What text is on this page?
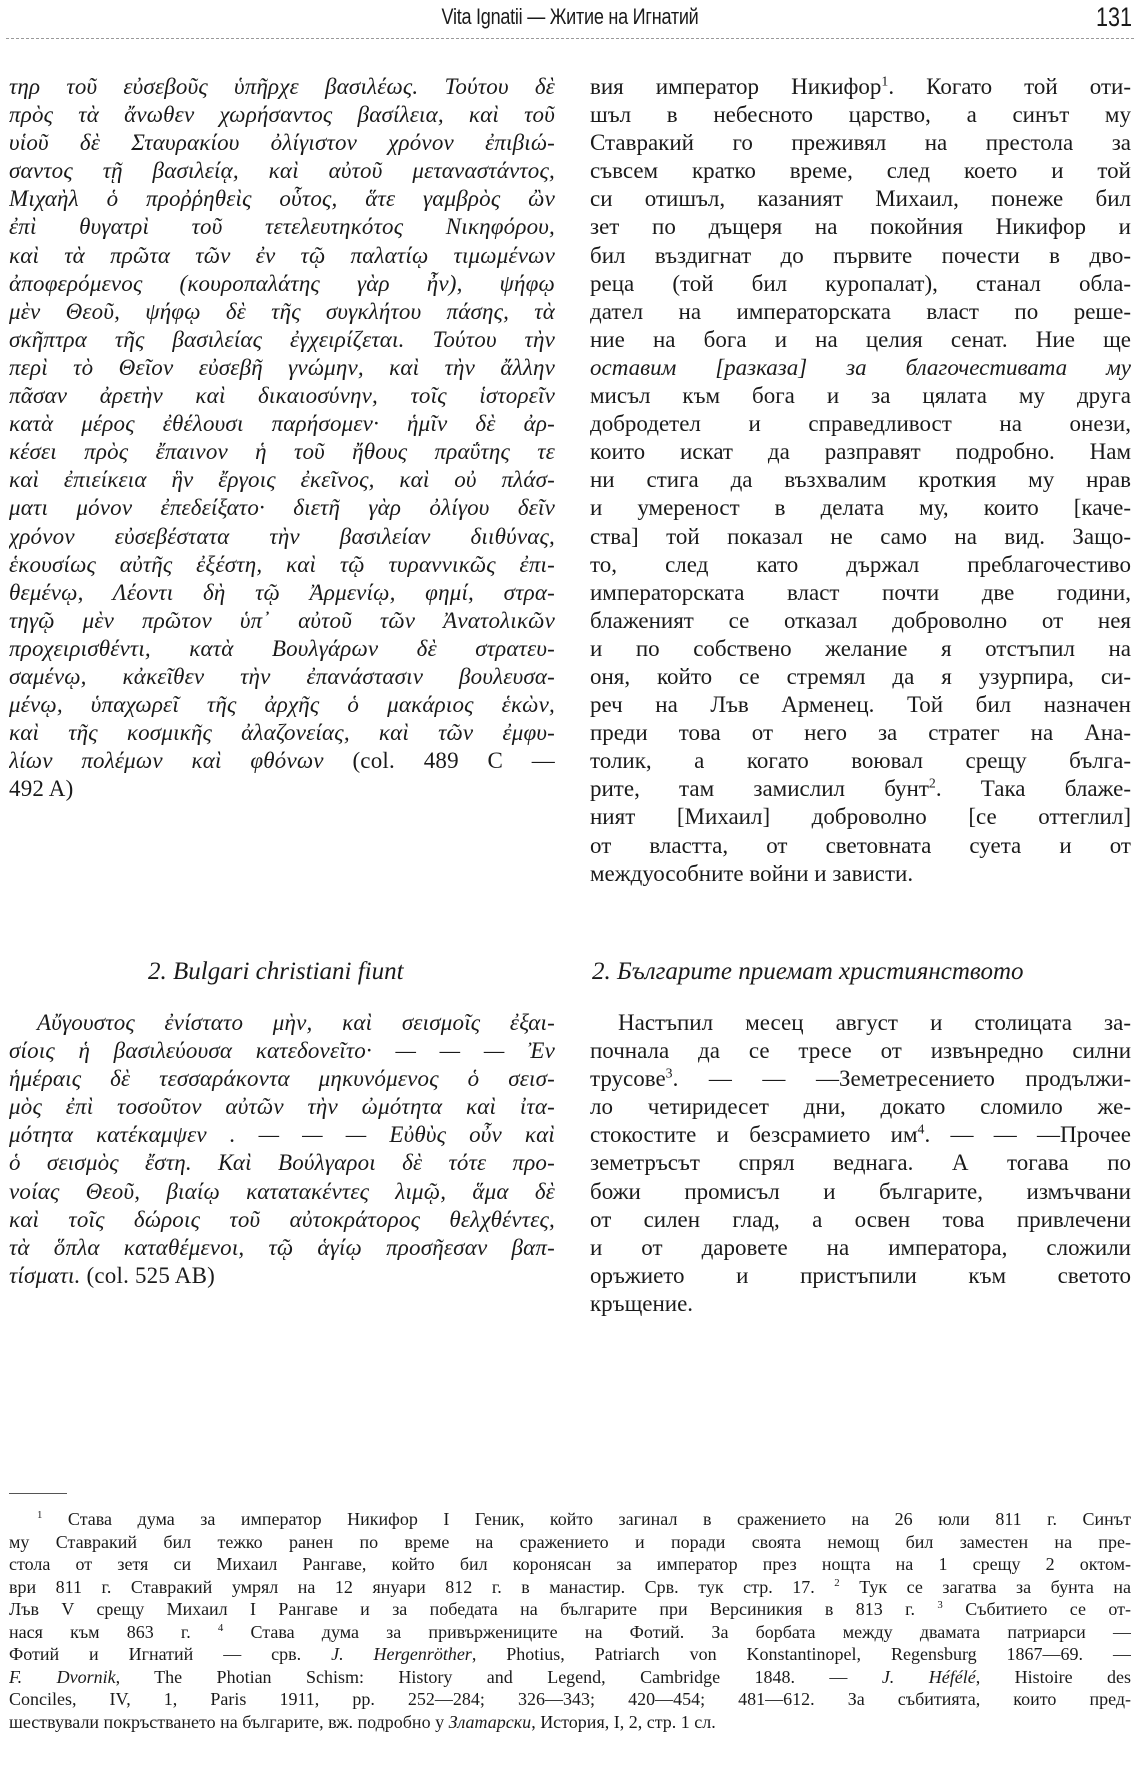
Vita Ignatii — Житие на Игнатий	131
τηρ τοῦ εὐσεβοῦς ὑπῆρχε βασιλέως. Τούτου δὲ
πρὸς τὰ ἄνωθεν χωρήσαντος βασίλεια, καὶ τοῦ
υἱοῦ δὲ Σταυρακίου ὀλίγιστον χρόνον ἐπιβιώ-
σαντος τῇ βασιλείᾳ, καὶ αὐτοῦ μεταναστάντος,
Μιχαὴλ ὁ προῤῥηθεὶς οὗτος, ἅτε γαμβρὸς ὢν
ἐπὶ θυγατρὶ τοῦ τετελευτηκότος Νικηφόρου,
καὶ τὰ πρῶτα τῶν ἐν τῷ παλατίῳ τιμωμένων
ἀποφερόμενος (κουροπαλάτης γὰρ ἦν), ψήφῳ
μὲν Θεοῦ, ψήφῳ δὲ τῆς συγκλήτου πάσης, τὰ
σκῆπτρα τῆς βασιλείας ἐγχειρίζεται. Τούτου τὴν
περὶ τὸ Θεῖον εὐσεβῆ γνώμην, καὶ τὴν ἄλλην
πᾶσαν ἀρετὴν καὶ δικαιοσύνην, τοῖς ἱστορεῖν
κατὰ μέρος ἐθέλουσι παρήσομεν· ἡμῖν δὲ ἀρ-
κέσει πρὸς ἔπαινον ἡ τοῦ ἤθους πραΰτης τε
καὶ ἐπιείκεια ἣν ἔργοις ἐκεῖνος, καὶ οὐ πλάσ-
ματι μόνον ἐπεδείξατο· διετῆ γὰρ ὀλίγου δεῖν
χρόνον εὐσεβέστατα τὴν βασιλείαν διιθύνας,
ἑκουσίως αὐτῆς ἐξέστη, καὶ τῷ τυραννικῶς ἐπι-
θεμένῳ, Λέοντι δὴ τῷ Ἀρμενίῳ, φημί, στρα-
τηγῷ μὲν πρῶτον ὑπ᾿ αὐτοῦ τῶν Ἀνατολικῶν
προχειρισθέντι, κατὰ Βουλγάρων δὲ στρατευ-
σαμένῳ, κἀκεῖθεν τὴν ἐπανάστασιν βουλευσα-
μένῳ, ὑπαχωρεῖ τῆς ἀρχῆς ὁ μακάριος ἑκὼν,
καὶ τῆς κοσμικῆς ἀλαζονείας, καὶ τῶν ἐμφυ-
λίων πολέμων καὶ φθόνων (col. 489 C —
492 A)
вия император Никифор$^1$. Когато той оти-
шъл в небесното царство, а синът му
Ставракий го преживял на престола за
съвсем кратко време, след което и той
си отишъл, казаният Михаил, понеже бил
зет по дъщеря на покойния Никифор и
бил въздигнат до първите почести в дво-
реца (той бил куропалат), станал обла-
дател на императорската власт по реше-
ние на бога и на целия сенат. Ние ще
оставим [разказа] за благочестивата му
мисъл към бога и за цялата му друга
добродетел и справедливост на онези,
които искат да разправят подробно. Нам
ни стига да възхвалим кроткия му нрав
и умереност в делата му, които [каче-
ства] той показал не само на вид. Защо-
то, след като държал преблагочестиво
императорската власт почти две години,
блаженият се отказал доброволно от нея
и по собствено желание я отстъпил на
оня, който се стремял да я узурпира, си-
реч на Лъв Арменец. Той бил назначен
преди това от него за стратег на Ана-
толик, а когато воювал срещу бълга-
рите, там замислил бунт$^2$. Така блаже-
ният [Михаил] доброволно [се оттеглил]
от властта, от световната суета и от
междуособните войни и зависти.
2. Bulgari christiani fiunt	2. Българите приемат християнството
Αὔγουστος ἐνίστατο μὴν, καὶ σεισμοῖς ἐξαι-
σίοις ἡ βασιλεύουσα κατεδονεῖτο· — — — Ἐν
ἡμέραις δὲ τεσσαράκοντα μηκυνόμενος ὁ σεισ-
μὸς ἐπὶ τοσοῦτον αὐτῶν τὴν ὠμότητα καὶ ἰτα-
μότητα κατέκαμψεν . — — — Εὐθὺς οὖν καὶ
ὁ σεισμὸς ἔστη. Καὶ Βούλγαροι δὲ τότε προ-
νοίας Θεοῦ, βιαίῳ κατατακέντες λιμῷ, ἅμα δὲ
καὶ τοῖς δώροις τοῦ αὐτοκράτορος θελχθέντες,
τὰ ὅπλα καταθέμενοι, τῷ ἁγίῳ προσῆεσαν βαπ-
τίσματι. (col. 525 AB)
Настъпил месец август и столицата за-
почнала да се тресе от извънредно силни
трусове$^3$. — — —Земетресението продължи-
ло четиридесет дни, докато сломило же-
стокостите и безсрамието $им^4$. — — —Прочее
земетръсът спрял веднага. А тогава по
божи промисъл и българите, измъчвани
от силен глад, а освен това привлечени
и от даровете на императора, сложили
оръжието и пристъпили към светото
кръщение.
$^1$ Става дума за император Никифор I Геник, който загинал в сражението на 26 юли 811 г. Синът
му Ставракий бил тежко ранен по време на сражението и поради своята немощ бил заместен на пре-
стола от зетя си Михаил Рангаве, който бил коронясан за император през нощта на 1 срещу 2 октом-
ври 811 г. Ставракий умрял на 12 януари 812 г. в манастир. Срв. тук стр. 17. $^2$ Тук се загатва за бунта на
Лъв V срещу Михаил I Рангаве и за победата на българите при Версиникия в 813 г. $^3$ Събитието се от-
нася към 863 г. $^4$ Става дума за привържениците на Фотий. За борбата между двамата патриарси —
Фотий и Игнатий — срв. J. Hergenröther, Photius, Patriarch von Konstantinopel, Regensburg 1867—69. —
F. Dvornik, The Photian Schism: History and Legend, Cambridge 1848. — J. Héfélé, Histoire des
Conciles, IV, 1, Paris 1911, pp. 252—284; 326—343; 420—454; 481—612. За събитията, които пред-
шествували покръстването на българите, вж. подробно у Златарски, История, I, 2, стр. 1 сл.
